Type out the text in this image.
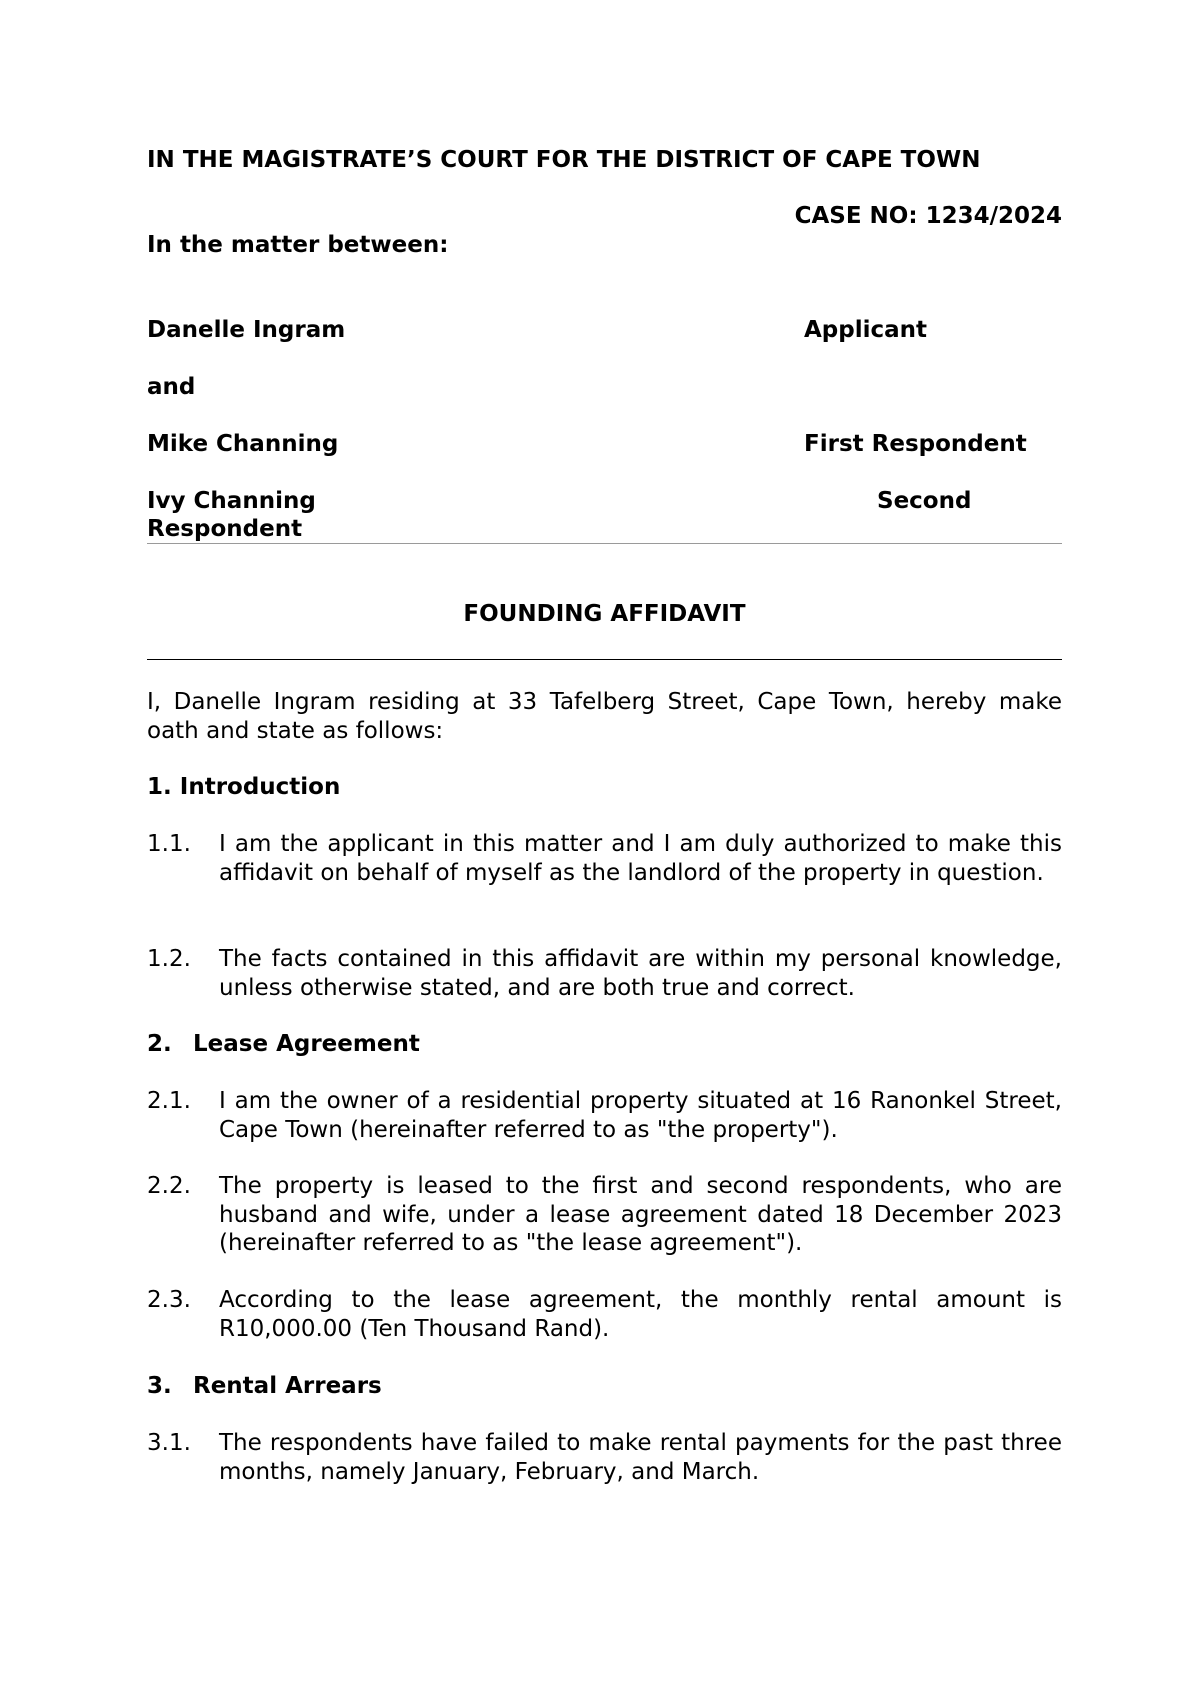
IN THE MAGISTRATE’S COURT FOR THE DISTRICT OF CAPE TOWN
CASE NO: 1234/2024
In the matter between:
Danelle Ingram	Applicant
and
Mike Channing	First Respondent
Ivy Channing	Second
Respondent
FOUNDING AFFIDAVIT
I, Danelle Ingram residing at 33 Tafelberg Street, Cape Town, hereby make oath and state as follows:
1. Introduction
1.1. I am the applicant in this matter and I am duly authorized to make this affidavit on behalf of myself as the landlord of the property in question.
1.2. The facts contained in this affidavit are within my personal knowledge, unless otherwise stated, and are both true and correct.
2. Lease Agreement
2.1. I am the owner of a residential property situated at 16 Ranonkel Street, Cape Town (hereinafter referred to as "the property").
2.2. The property is leased to the first and second respondents, who are husband and wife, under a lease agreement dated 18 December 2023 (hereinafter referred to as "the lease agreement").
2.3. According to the lease agreement, the monthly rental amount is R10,000.00 (Ten Thousand Rand).
3. Rental Arrears
3.1. The respondents have failed to make rental payments for the past three months, namely January, February, and March.
